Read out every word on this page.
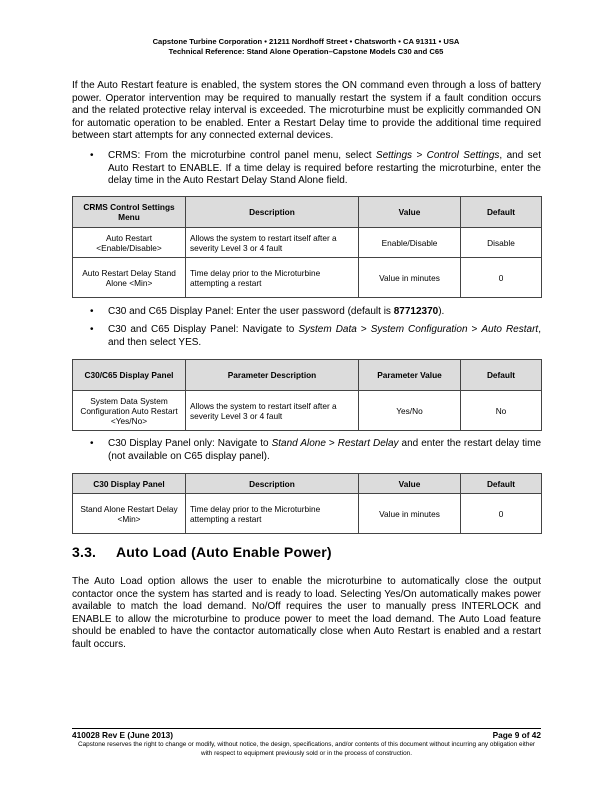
Capstone Turbine Corporation • 21211 Nordhoff Street • Chatsworth • CA 91311 • USA
Technical Reference: Stand Alone Operation–Capstone Models C30 and C65

If the Auto Restart feature is enabled, the system stores the ON command even through a loss of battery power. Operator intervention may be required to manually restart the system if a fault condition occurs and the related protective relay interval is exceeded. The microturbine must be explicitly commanded ON for automatic operation to be enabled. Enter a Restart Delay time to provide the additional time required between start attempts for any connected external devices.

• CRMS: From the microturbine control panel menu, select Settings > Control Settings, and set Auto Restart to ENABLE. If a time delay is required before restarting the microturbine, enter the delay time in the Auto Restart Delay Stand Alone field.
CRMS Control Settings Menu	Description	Value	Default
Auto Restart <Enable/Disable>	Allows the system to restart itself after a severity Level 3 or 4 fault	Enable/Disable	Disable
Auto Restart Delay Stand Alone <Min>	Time delay prior to the Microturbine attempting a restart	Value in minutes	0
• C30 and C65 Display Panel: Enter the user password (default is 87712370).
• C30 and C65 Display Panel: Navigate to System Data > System Configuration > Auto Restart, and then select YES.
C30/C65 Display Panel	Parameter Description	Parameter Value	Default
System Data System Configuration Auto Restart <Yes/No>	Allows the system to restart itself after a severity Level 3 or 4 fault	Yes/No	No
• C30 Display Panel only: Navigate to Stand Alone > Restart Delay and enter the restart delay time (not available on C65 display panel).
C30 Display Panel	Description	Value	Default
Stand Alone Restart Delay <Min>	Time delay prior to the Microturbine attempting a restart	Value in minutes	0
3.3. Auto Load (Auto Enable Power)

The Auto Load option allows the user to enable the microturbine to automatically close the output contactor once the system has started and is ready to load. Selecting Yes/On automatically makes power available to match the load demand. No/Off requires the user to manually press INTERLOCK and ENABLE to allow the microturbine to produce power to meet the load demand. The Auto Load feature should be enabled to have the contactor automatically close when Auto Restart is enabled and a restart fault occurs.

410028 Rev E (June 2013)	Page 9 of 42
Capstone reserves the right to change or modify, without notice, the design, specifications, and/or contents of this document without incurring any obligation either with respect to equipment previously sold or in the process of construction.
